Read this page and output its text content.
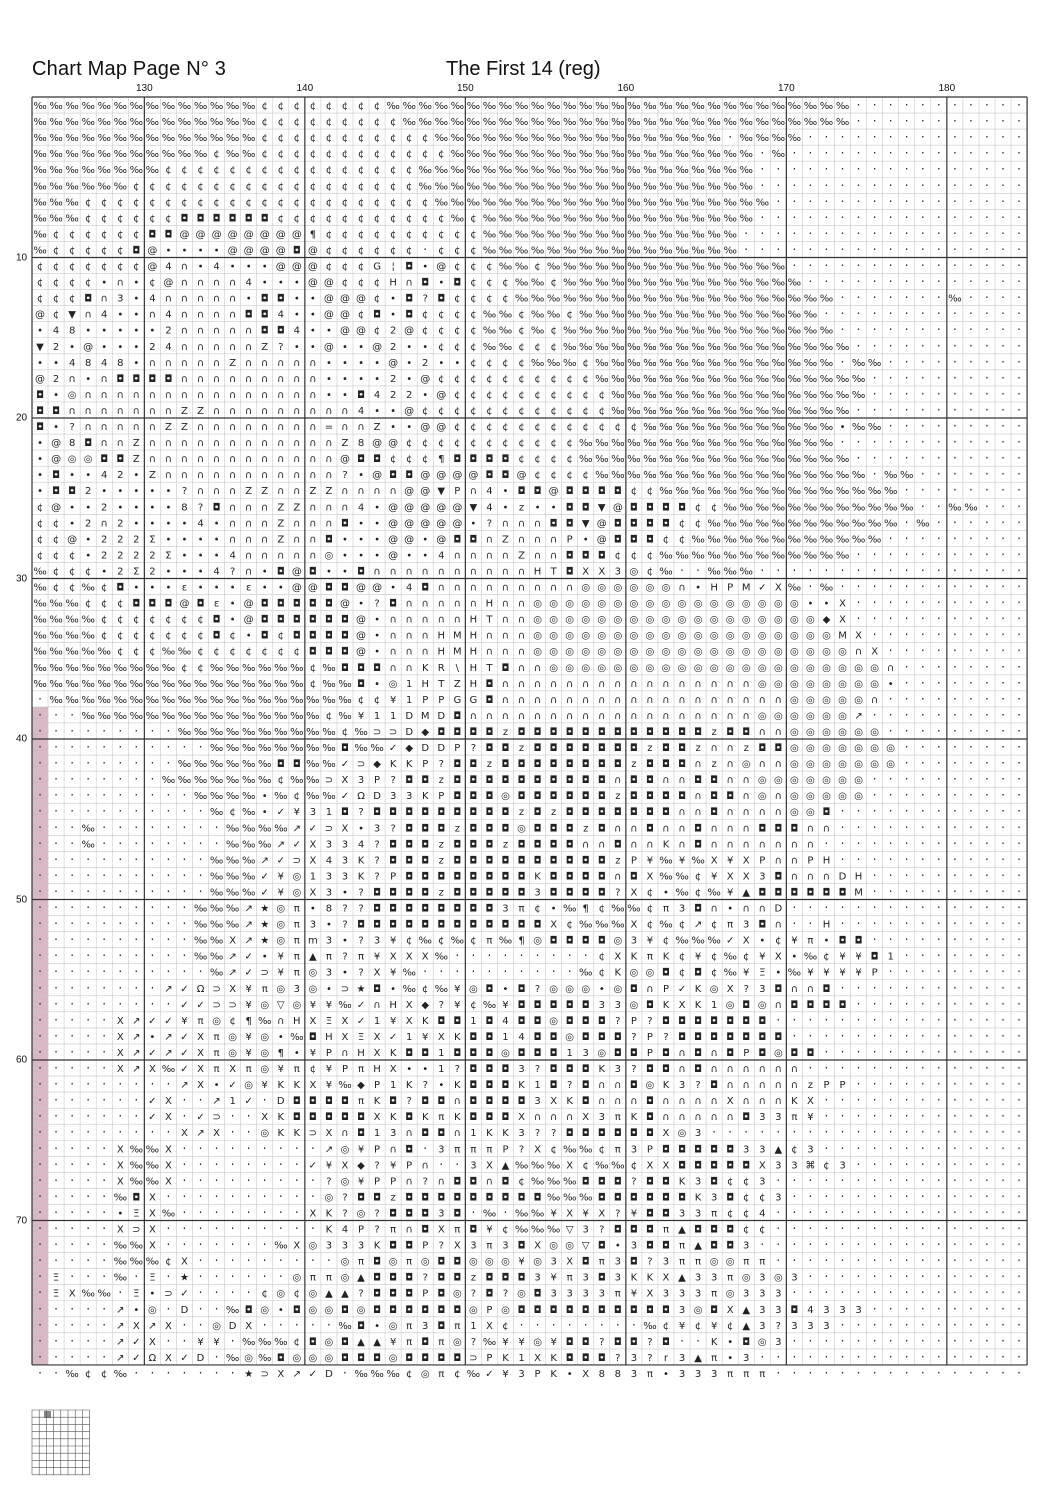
Chart Map Page N° 3	The First 14 (reg)
130	140	150	160	170	180
10
20
30
40
50
60
70
‰ ‰ ‰ ‰ ‰ ‰ ‰ ‰ ‰ ‰ ‰ ‰ ‰ ‰ ¢ ¢ ¢ ¢ ¢ ¢ ¢ ¢ ‰ ‰ ‰ ‰ ‰ ‰ ‰ ‰ ‰ ‰ ‰ ‰ ‰ ‰ ‰ ‰ ‰ ‰ ‰ ‰ ‰ ‰ ‰ ‰ ‰ ‰ ‰ ‰ ‰ · · · · · · · · · · ·
‰ ‰ ‰ ‰ ‰ ‰ ‰ ‰ ‰ ‰ ‰ ‰ ‰ ‰ ¢ ¢ ¢ ¢ ¢ ¢ ¢ ¢ ¢ ‰ ‰ ‰ ‰ ‰ ‰ ‰ ‰ ‰ ‰ ‰ ‰ ‰ ‰ ‰ ‰ ‰ ‰ ‰ ‰ ‰ ‰ ‰ ‰ ‰ ‰ ‰ ‰ · · · · · · · · · · ·
‰ ‰ ‰ ‰ ‰ ‰ ‰ ‰ ‰ ‰ ‰ ‰ ‰ ‰ ¢ ¢ ¢ ¢ ¢ ¢ ¢ ¢ ¢ ¢ ¢ ‰ ‰ ‰ ‰ ‰ ‰ ‰ ‰ ‰ ‰ ‰ ‰ ‰ ‰ ‰ ‰ ‰ ‰ · ‰ ‰ ‰ ‰ · · · · · · · · · · · · · ·
‰ ‰ ‰ ‰ ‰ ‰ ‰ ‰ ‰ ‰ ‰ ¢ ‰ ‰ ¢ ¢ ¢ ¢ ¢ ¢ ¢ ¢ ¢ ¢ ¢ ¢ ‰ ‰ ‰ ‰ ‰ ‰ ‰ ‰ ‰ ‰ ‰ ‰ ‰ ‰ ‰ ‰ ‰ ‰ ‰ · ‰ · · · · · · · · · · · · · · ·
‰ ‰ ‰ ‰ ‰ ‰ ‰ ‰ ¢ ¢ ¢ ¢ ¢ ¢ ¢ ¢ ¢ ¢ ¢ ¢ ¢ ¢ ¢ ¢ ‰ ‰ ‰ ‰ ‰ ‰ ‰ ‰ ‰ ‰ ‰ ‰ ‰ ‰ ‰ ‰ ‰ ‰ ‰ ‰ ‰ · · · · · · · · · · · · · · · · ·
‰ ‰ ‰ ‰ ‰ ‰ ¢ ¢ ¢ ¢ ¢ ¢ ¢ ¢ ¢ ¢ ¢ ¢ ¢ ¢ ¢ ¢ ¢ ¢ ‰ ‰ ‰ ‰ ‰ ‰ ‰ ‰ ‰ ‰ ‰ ‰ ‰ ‰ ‰ ‰ ‰ ‰ ‰ ‰ ‰ · · · · · · · · · · · · · · · · ·
‰ ‰ ‰ ¢ ¢ ¢ ¢ ¢ ¢ ¢ ¢ ¢ ¢ ¢ ¢ ¢ ¢ ¢ ¢ ¢ ¢ ¢ ¢ ¢ ¢ ‰ ‰ ‰ ‰ ‰ ‰ ‰ ‰ ‰ ‰ ‰ ‰ ‰ ‰ ‰ ‰ ‰ ‰ ‰ ‰ ‰ · · · · · · · · · · · · · · · ·
‰ ‰ ‰ ¢ ¢ ¢ ¢ ¢ ¢ ◘ ◘ ◘ ◘ ◘ ◘ ¢ ¢ ¢ ¢ ¢ ¢ ¢ ¢ ¢ ¢ ¢ ‰ ¢ ‰ ‰ ‰ ‰ ‰ ‰ ‰ ‰ ‰ ‰ ‰ ‰ ‰ ‰ ‰ ‰ ‰ · · · · · · · · · · · · · · · · ·
‰ ¢ ¢ ¢ ¢ ¢ ¢ ◘ ◘ @ @ @ @ @ @ @ @ ¶ ¢ ¢ ¢ ¢ ¢ ¢ ¢ ¢ ¢ ¢ ‰ ‰ ‰ ‰ ‰ ‰ ‰ ‰ ‰ ‰ ‰ ‰ ‰ ‰ ‰ ‰ · · · · · · · · · · · · · · · · · ·
‰ ¢ ¢ ¢ ¢ ¢ ◘ @ • • • • @ @ @ @ ◘ @ ¢ ¢ ¢ ¢ ¢ ¢ · ¢ ¢ ¢ ‰ ‰ ‰ ‰ ‰ ‰ ‰ ‰ ‰ ‰ ‰ ‰ ‰ ‰ ‰ ‰ · · · · · · · · · · · · · · · · · ·
¢ ¢ ¢ ¢ ¢ ¢ ¢ @ 4 ∩ • 4 • • • @ @ @ ¢ ¢ ¢ G ¦ ◘ • @ ¢ ¢ ¢ ‰ ‰ ¢ ‰ ‰ ‰ ‰ ‰ ‰ ‰ ‰ ‰ ‰ ‰ ‰ ‰ ‰ ‰ · · · · · · · · · · · · · · ·
¢ ¢ ¢ ¢ • ∩ • ¢ @ ∩ ∩ ∩ ∩ 4 • • • @ @ ¢ ¢ ¢ H ∩ ◘ • ◘ ¢ ¢ ¢ ‰ ‰ ¢ ‰ ‰ ‰ ‰ ‰ ‰ ‰ ‰ ‰ ‰ ‰ ‰ ‰ ‰ ‰ · · · · · · · · · · · · · ·
¢ ¢ ¢ ◘ ∩ 3 • 4 ∩ ∩ ∩ ∩ ∩ • ◘ ◘ • • @ @ @ ¢ • ◘ ? ◘ ¢ ¢ ¢ ¢ ‰ ‰ ‰ ‰ ‰ ‰ ‰ ‰ ‰ ‰ ‰ ‰ ‰ ‰ ‰ ‰ ‰ ‰ ‰ ‰ · · · · · · · ‰ · · · ·
@ ¢ ▼ ∩ 4 • • ∩ 4 ∩ ∩ ∩ ∩ ◘ ◘ 4 • • @ @ ¢ ◘ • ◘ ¢ ¢ ¢ ¢ ‰ ‰ ¢ ‰ ‰ ¢ ‰ ‰ ‰ ‰ ‰ ‰ ‰ ‰ ‰ ‰ ‰ ‰ ‰ ‰ ‰ · · · · · · · · · · · · ·
• 4 8 • • • • • 2 ∩ ∩ ∩ ∩ ∩ ◘ ◘ 4 • • @ @ ¢ 2 @ ¢ ¢ ¢ ¢ ‰ ‰ ¢ ‰ ¢ ‰ ‰ ‰ ‰ ‰ ‰ ‰ ‰ ‰ ‰ ‰ ‰ ‰ ‰ ‰ ‰ ‰ · · · · · · · · · · · ·
▼ 2 • @ • • • 2 4 ∩ ∩ ∩ ∩ ∩ Z ? • • @ • • @ 2 • • ¢ ¢ ¢ ‰ ‰ ¢ ¢ ¢ ‰ ‰ ‰ ‰ ‰ ‰ ‰ ‰ ‰ ‰ ‰ ‰ ‰ ‰ ‰ ‰ ‰ ‰ · · · · · · · · · · ·
• • 4 8 4 8 • ∩ ∩ ∩ ∩ ∩ Z ∩ ∩ ∩ ∩ ∩ • • • • @ • 2 • • ¢ ¢ ¢ ¢ ‰ ‰ ‰ ¢ ‰ ‰ ‰ ‰ ‰ ‰ ‰ ‰ ‰ ‰ ‰ ‰ ‰ ‰ ‰ · ‰ ‰ · · · · · · · · ·
@ 2 ∩ • ∩ ◘ ◘ ◘ ◘ ∩ ∩ ∩ ∩ ∩ ∩ ∩ ∩ ∩ • • • • 2 • @ ¢ ¢ ¢ ¢ ¢ ¢ ¢ ¢ ¢ ¢ ‰ ‰ ‰ ‰ ‰ ‰ ‰ ‰ ‰ ‰ ‰ ‰ ‰ ‰ ‰ ‰ ‰ · · · · · · · · · ·
◘ • ◎ ∩ ∩ ∩ ∩ ∩ ∩ ∩ ∩ ∩ ∩ ∩ ∩ ∩ ∩ ∩ • • ◘ 4 2 2 • @ ¢ ¢ ¢ ¢ ¢ ¢ ¢ ¢ ¢ ¢ ‰ ‰ ‰ ‰ ‰ ‰ ‰ ‰ ‰ ‰ ‰ ‰ ‰ ‰ ‰ ‰ · · · · · · · · · ·
◘ ◘ ∩ ∩ ∩ ∩ ∩ ∩ ∩ Z Z ∩ ∩ ∩ ∩ ∩ ∩ ∩ ∩ ∩ 4 • • @ ¢ ¢ ¢ ¢ ¢ ¢ ¢ ¢ ¢ ¢ ¢ ¢ ‰ ‰ ‰ ‰ ‰ ‰ ‰ ‰ ‰ ‰ ‰ ‰ ‰ ‰ ‰ · · · · · · · · · · ·
◘ • ? ∩ ∩ ∩ ∩ ∩ Z Z ∩ ∩ ∩ ∩ ∩ ∩ ∩ ∩ = ∩ ∩ Z • • @ @ ¢ ¢ ¢ ¢ ¢ ¢ ¢ ¢ ¢ ¢ ¢ ¢ ‰ ‰ ‰ ‰ ‰ ‰ ‰ ‰ ‰ ‰ ‰ ‰ • ‰ ‰ · · · · · · · · ·
• @ 8 ◘ ∩ ∩ Z ∩ ∩ ∩ ∩ ∩ ∩ ∩ ∩ ∩ ∩ ∩ ∩ Z 8 @ @ ¢ ¢ ¢ ¢ ¢ ¢ ¢ ¢ ¢ ¢ ¢ ‰ ‰ ‰ ‰ ‰ ‰ ‰ ‰ ‰ ‰ ‰ ‰ ‰ ‰ ‰ ‰ · · · · · · · · · · · ·
• @ ◎ ◎ ◘ ◘ Z ∩ ∩ ∩ ∩ ∩ ∩ ∩ ∩ ∩ ∩ ∩ ∩ @ ◘ ◘ ¢ ¢ ¢ ¶ ◘ ◘ ◘ ◘ ¢ ¢ ¢ ¢ ‰ ‰ ‰ ‰ ‰ ‰ ‰ ‰ ‰ ‰ ‰ ‰ ‰ ‰ ‰ ‰ ‰ · · · · · · · · · · ·
• ◘ • • 4 2 • Z ∩ ∩ ∩ ∩ ∩ ∩ ∩ ∩ ∩ ∩ ∩ ? • @ ◘ ◘ @ @ @ @ ◘ ◘ @ ¢ ¢ ¢ ¢ ‰ ‰ ‰ ‰ ‰ ‰ ‰ ‰ ‰ ‰ ‰ ‰ ‰ ‰ ‰ ‰ ‰ · ‰ ‰ · · · · · · ·
• ◘ ◘ 2 • • • • • ? ∩ ∩ ∩ Z Z ∩ ∩ Z Z ∩ ∩ ∩ ∩ @ @ ▼ P ∩ 4 • ◘ ◘ @ ◘ ◘ ◘ ◘ ¢ ¢ ‰ ‰ ‰ ‰ ‰ ‰ ‰ ‰ ‰ ‰ ‰ ‰ ‰ ‰ ‰ · · · · · · · ·
¢ @ • • 2 • • • • 8 ? ◘ ∩ ∩ ∩ Z Z ∩ ∩ ∩ 4 • @ @ @ @ @ ▼ 4 • z • • ◘ ◘ ▼ @ ◘ ◘ ◘ ◘ ¢ ¢ ‰ ‰ ‰ ‰ ‰ ‰ ‰ ‰ ‰ ‰ ‰ ‰ · · ‰ ‰ · · ·
¢ ¢ • 2 ∩ 2 • • • • 4 • ∩ ∩ ∩ Z ∩ ∩ ∩ ◘ • • @ @ @ @ @ • ? ∩ ∩ ∩ ◘ ◘ ▼ @ ◘ ◘ ◘ ◘ ¢ ¢ ‰ ‰ ‰ ‰ ‰ ‰ ‰ ‰ ‰ ‰ ‰ ‰ · ‰ · · · · · ·
¢ ¢ @ • 2 2 2 Σ • • • • ∩ ∩ ∩ Z ∩ ∩ ◘ • • • @ @ • @ ◘ ◘ ∩ Z ∩ ∩ ∩ P • @ ◘ ◘ ◘ ¢ ¢ ‰ ‰ ‰ ‰ ‰ ‰ ‰ ‰ ‰ ‰ ‰ ‰ · · · · · · · · ·
¢ ¢ ¢ • 2 2 2 2 Σ • • • 4 ∩ ∩ ∩ ∩ ∩ ◎ • • • @ • • 4 ∩ ∩ ∩ ∩ Z ∩ ∩ ◘ ◘ ◘ ¢ ¢ ¢ ‰ ‰ ‰ ‰ ‰ ‰ ‰ ‰ ‰ ‰ ‰ ‰ · · · · · · · · · · ·
‰ ¢ ¢ ¢ • 2 Σ 2 • • • 4 ? ∩ • ◘ @ ◘ • • ◘ ∩ ∩ ∩ ∩ ∩ ∩ ∩ ∩ ∩ ∩ H T ◘ X X 3 ◎ ¢ ‰ · · ‰ ‰ ‰ · · · · · · · · · · · · · · · · ·
‰ ¢ ¢ ‰ ¢ ◘ • • • ε • • • ε • • @ @ ◘ ◘ @ @ • 4 ◘ ∩ ∩ ∩ ∩ ∩ ∩ ∩ ∩ ∩ ◎ ◎ ◎ ◎ ◎ ◎ ∩ • H P M ✓ X ‰ · ‰ · · · · · · · · · · · ·
‰ ‰ ‰ ¢ ¢ ¢ ◘ ◘ ◘ @ ◘ ε • @ ◘ ◘ ◘ ◘ ◘ @ • ? ◘ ∩ ∩ ∩ ∩ ∩ H ∩ ∩ ◎ ◎ ◎ ◎ ◎ ◎ ◎ ◎ ◎ ◎ ◎ ◎ ◎ ◎ ◎ ◎ ◎ • • X · · · · · · · · · · ·
‰ ‰ ‰ ‰ ¢ ¢ ¢ ¢ ¢ ¢ ¢ ◘ • @ ◘ ◘ ◘ ◘ ◘ ◘ @ • ∩ ∩ ∩ ∩ ∩ H T ∩ ∩ ◎ ◎ ◎ ◎ ◎ ◎ ◎ ◎ ◎ ◎ ◎ ◎ ◎ ◎ ◎ ◎ ◎ ◎ ◆ X · · · · · · · · · · ·
‰ ‰ ‰ ‰ ¢ ¢ ¢ ¢ ¢ ¢ ¢ ◘ ¢ • ◘ ¢ ◘ ◘ ◘ ◘ @ • ∩ ∩ ∩ H M H ∩ ∩ ∩ ◎ ◎ ◎ ◎ ◎ ◎ ◎ ◎ ◎ ◎ ◎ ◎ ◎ ◎ ◎ ◎ ◎ ◎ ◎ M X · · · · · · · · · ·
‰ ‰ ‰ ‰ ‰ ¢ ¢ ¢ ‰ ‰ ¢ ¢ ¢ ¢ ¢ ¢ ¢ ◘ ◘ ◘ @ • ∩ ∩ ∩ H M H ∩ ∩ ∩ ◎ ◎ ◎ ◎ ◎ ◎ ◎ ◎ ◎ ◎ ◎ ◎ ◎ ◎ ◎ ◎ ◎ ◎ ◎ ◎ ∩ X · · · · · · · · ·
‰ ‰ ‰ ‰ ‰ ‰ ‰ ‰ ‰ ¢ ¢ ‰ ‰ ‰ ‰ ‰ ‰ ¢ ‰ ◘ ◘ ◘ ∩ ∩ K R \ H T ◘ ∩ ∩ ◎ ◎ ◎ ◎ ◎ ◎ ◎ ◎ ◎ ◎ ◎ ◎ ◎ ◎ ◎ ◎ ◎ ◎ ◎ ◎ ◎ ∩ · · · · · · · ·
‰ ‰ ‰ ‰ ‰ ‰ ‰ ‰ ‰ ‰ ‰ ‰ ‰ ‰ ‰ ‰ ‰ ¢ ‰ ‰ ◘ • ◎ 1 H T Z H ◘ ∩ ∩ ∩ ∩ ∩ ∩ ∩ ∩ ∩ ∩ ∩ ∩ ∩ ∩ ∩ ∩ ◎ ◎ ◎ ◎ ◎ ◎ ◎ ◎ • · · · · · · · ·
· ‰ ‰ ‰ ‰ ‰ ‰ ‰ ‰ ‰ ‰ ‰ ‰ ‰ ‰ ‰ ‰ ‰ ‰ ‰ ¢ ¢ ¥ 1 P P G G ◘ ∩ ∩ ∩ ∩ ∩ ∩ ∩ ∩ ∩ ∩ ∩ ∩ ∩ ∩ ∩ ∩ ∩ ∩ ◎ ◎ ◎ ◎ ◎ ∩ · · · · · · · · ·
· · · ‰ ‰ ‰ ‰ ‰ ‰ ‰ ‰ ‰ ‰ ‰ ‰ ‰ ‰ ‰ ¢ ‰ ¥ 1 1 D M D ◘ ∩ ∩ ∩ ∩ ∩ ∩ ∩ ∩ ∩ ∩ ∩ ∩ ∩ ∩ ∩ ∩ ∩ ∩ ◎ ◎ ◎ ◎ ◎ ◎ ↗ · · · · · · · · · ·
· · · · · · · · · ‰ ‰ ‰ ‰ ‰ ‰ ‰ ‰ ‰ ‰ ¢ ‰ ⊃ ⊃ D ◆ ◘ ◘ ◘ ◘ z ◘ ◘ ◘ ◘ ◘ ◘ ◘ ◘ ◘ ◘ ◘ ◘ z ◘ ◘ ∩ ∩ ◎ ◎ ◎ ◎ ◎ ◎ · · · · · · · · ·
· · · · · · · · · · · ‰ ‰ ‰ ‰ ‰ ‰ ‰ ‰ ◘ ‰ ‰ ✓ ◆ D D P ? ◘ ◘ z ◘ ◘ ◘ ◘ ◘ ◘ ◘ z ◘ ◘ z ∩ ∩ z ◘ ◘ ◎ ◎ ◎ ◎ ◎ ◎ ◎ · · · · · · · ·
· · · · · · · · · ‰ ‰ ‰ ‰ ‰ ‰ ◘ ◘ ‰ ‰ ✓ ⊃ ◆ K K P ? ◘ ◘ z ◘ ◘ ◘ ◘ ◘ ◘ ◘ ◘ z ◘ ◘ ◘ ∩ z ∩ ◎ ∩ ∩ ◎ ◎ ◎ ◎ ◎ ◎ ◎ · · · · · · · ·
· · · · · · · · ‰ ‰ ‰ ‰ ‰ ‰ ‰ ¢ ‰ ‰ ⊃ X 3 P ? ◘ ◘ z ◘ ◘ ◘ ◘ ◘ ◘ ◘ ◘ ◘ ◘ ∩ ◘ ◘ ∩ ∩ ◘ ◘ ∩ ∩ ◎ ◎ ◎ ◎ ◎ ◎ ◎ · · · · · · · · · ·
· · · · · · · · · · ‰ ‰ ‰ ‰ • ‰ ¢ ‰ ‰ ✓ Ω D 3 3 K P ◘ ◘ ◘ ◎ ◘ ◘ ◘ ◘ ◘ ◘ z ◘ ◘ ◘ ◘ ∩ ◘ ◘ ∩ ◎ ∩ ◎ ◎ ◎ ◎ ◎ · · · · · · · · · ·
· · · · · · · · · · · ‰ ¢ ‰ • ✓ ¥ 3 1 ◘ ? ◘ ◘ ◘ ◘ ◘ ◘ ◘ ◘ ◘ z ◘ z ◘ ◘ ◘ ◘ ◘ ◘ ◘ ∩ ∩ ◘ ∩ ∩ ∩ ∩ ◎ ◎ ◘ · · · · · · · · · · · ·
· · · ‰ · · · · · · · · ‰ ‰ ‰ ‰ ↗ ✓ ⊃ X • 3 ? ◘ ◘ ◘ z ◘ ◘ ◘ ◎ ◘ ◘ ◘ z ◘ ∩ ∩ ◘ ∩ ∩ ◘ ∩ ∩ ∩ ◘ ◘ ◘ ∩ ∩ · · · · · · · · · · · ·
· · · ‰ · · · · · · · · ‰ ‰ ‰ ↗ ✓ X 3 3 4 ? ◘ ◘ ◘ z ◘ ◘ ◘ z ◘ ◘ ◘ ◘ ∩ ∩ ◘ ∩ ∩ K ∩ ◘ ∩ ∩ ∩ ∩ ∩ ∩ ∩ · · · · · · · · · · · · ·
· · · · · · · · · · · ‰ ‰ ‰ ↗ ✓ ⊃ X 4 3 K ? ◘ ◘ ◘ z ◘ ◘ ◘ ◘ ◘ ◘ ◘ ◘ ◘ ◘ z P ¥ ‰ ¥ ‰ X ¥ X P ∩ ∩ P H · · · · · · · · · · · ·
· · · · · · · · · · · ‰ ‰ ‰ ✓ ¥ ◎ 1 3 3 K ? P ◘ ◘ ◘ ◘ ◘ ◘ ◘ ◘ K ◘ ◘ ◘ ◘ ∩ ◘ X ‰ ‰ ¢ ¥ X X 3 ◘ ∩ ∩ ∩ D H · · · · · · · · · ·
· · · · · · · · · · · ‰ ‰ ‰ ✓ ¥ ◎ X 3 • ? ◘ ◘ ◘ ◘ z ◘ ◘ ◘ ◘ ◘ 3 ◘ ◘ ◘ ◘ ? X ¢ • ‰ ¢ ‰ ¥ ▲ ◘ ◘ ◘ ◘ ◘ ◘ M · · · · · · · · · ·
· · · · · · · · · · ‰ ‰ ‰ ↗ ★ ◎ π • 8 ? ? ◘ ◘ ◘ ◘ ◘ ◘ ◘ ◘ 3 π ¢ • ‰ ¶ ¢ ‰ ‰ ¢ π 3 ◘ ∩ • ∩ ∩ D · · · · · · · · · · · · · · ·
· · · · · · · · · · ‰ ‰ ‰ ↗ ★ ◎ π 3 • ? ◘ ◘ ◘ ◘ ◘ ◘ ◘ ◘ ◘ ◘ ◘ ◘ X ¢ ‰ ‰ ‰ X ¢ ‰ ¢ ↗ ¢ π 3 ◘ ∩ · · H · · · · · · · · · · · ·
· · · · · · · · · · ‰ ‰ X ↗ ★ ◎ π m 3 • ? 3 ¥ ¢ ‰ ¢ ‰ ¢ π ‰ ¶ ◎ ◘ ◘ ◘ ◘ ◎ 3 ¥ ¢ ‰ ‰ ‰ ✓ X • ¢ ¥ π • ◘ ◘ · · · · · · · · · ·
· · · · · · · · · · ‰ ‰ ↗ ✓ • ¥ π ▲ π ? π ¥ X X X ‰ · · · · · · · · · ¢ X K π K ¢ ¥ ¢ ‰ ¢ ¥ X • ‰ ¢ ¥ ¥ ◘ 1 · · · · · · · ·
· · · · · · · · · · · ‰ ↗ ✓ ⊃ ¥ π ◎ 3 • ? X ¥ ‰ · · · · · · · · · · ‰ ¢ K ◎ ◎ ◘ ¢ ◘ ¢ ‰ ¥ Ξ • ‰ ¥ ¥ ¥ ¥ P · · · · · · · · ·
· · · · · · · · ↗ ✓ Ω ⊃ X ¥ π ◎ 3 ◎ • ⊃ ★ ◘ • ‰ ¢ ‰ ¥ ◎ ◘ • ◘ ? ◎ ◎ ◎ • ◎ ◘ ∩ P ✓ K ◎ X ? 3 ◘ ∩ ∩ ◘ · · · · · · · · · · · ·
· · · · · · · · · ✓ ✓ ⊃ ⊃ ¥ ◎ ▽ ◎ ¥ ¥ ‰ ✓ ∩ H X ◆ ? ¥ ¢ ‰ ¥ ◘ ◘ ◘ ◘ ◘ 3 3 ◎ ◘ K X K 1 ◎ ◘ ◎ ∩ ◘ ◘ ◘ ◘ · · · · · · · · · · ·
· · · · · X ↗ ✓ ✓ ¥ π ◎ ¢ ¶ ‰ ∩ H X Ξ X ✓ 1 ¥ X K ◘ ◘ 1 ◘ 4 ◘ ◘ ◎ ◘ ◘ ◘ ? P ? ◘ ◘ ◘ ◘ ◘ ◘ ◘ · · · · · · · · · · · · · · · ·
· · · · · X ↗ • ↗ ✓ X π ◎ ¥ ◎ • ‰ ◘ H X Ξ X ✓ 1 ¥ X K ◘ ◘ 1 4 ◘ ◘ ◎ ◘ ◘ ◘ ? P ? ◘ ◘ ◘ ◘ ◘ ◘ ◘ · · · · · · · · · · · · · · ·
· · · · · X ↗ ✓ ↗ ✓ X π ◎ ¥ ◎ ¶ • ¥ P ∩ H X K ◘ ◘ 1 ◘ ◘ ◘ ◎ ◘ ◘ ◘ 1 3 ◎ ◘ ◘ P ◘ ∩ ◘ ∩ ◘ P ◘ ◎ ◘ ◘ · · · · · · · · · · · · ·
· · · · · X ↗ X ‰ ✓ X π X π ◎ ¥ π ¢ ¥ P π H X • • 1 ? ◘ ◘ ◘ 3 ? ◘ ◘ ◘ K 3 ? ◘ ◘ ∩ ◘ ∩ ∩ ∩ ∩ ∩ ∩ · · · · · · · · · · · · · ·
· · · · · · · · · ↗ X • ✓ ◎ ¥ K K X ¥ ‰ ◆ P 1 K ? • K ◘ ◘ ◘ K 1 ◘ ? ◘ ∩ ∩ ◘ ◎ K 3 ? ◘ ∩ ∩ ∩ ∩ ∩ z P P · · · · · · · · · · ·
· · · · · · · ✓ X · · ↗ 1 ✓ · D ◘ ◘ ◘ ◘ π K ◘ ? ◘ ◘ ∩ ◘ ◘ ◘ ◘ 3 X K ◘ ∩ ∩ ∩ ◘ ∩ ∩ ∩ ∩ X ∩ ∩ ∩ K X · · · · · · · · · · · · ·
· · · · · · · ✓ X · ✓ ⊃ · · X K ◘ ◘ ◘ ◘ ◘ X K ◘ K π K ◘ ◘ ◘ X ∩ ∩ ∩ X 3 π K ◘ ∩ ∩ ∩ ∩ ∩ ◘ 3 3 π ¥ · · · · · · · · · · · · ·
· · · · · · · · · X ↗ X · · ◎ K K ⊃ X ∩ ◘ 1 3 ∩ ◘ ◘ ∩ 1 K K 3 ? ? ◘ ◘ ◘ ◘ ◘ ◘ X ◎ 3 · · · · · · · · · · · · · · · · · · · ·
· · · · · X ‰ ‰ X · · · · · · · · · ↗ ◎ ¥ P ∩ ◘ · 3 π π π P ? X ¢ ‰ ‰ ¢ π 3 P ◘ ◘ ◘ ◘ ◘ 3 3 ▲ ¢ 3 · · · · · · · · · · · · ·
· · · · · X ‰ ‰ X · · · · · · · · ✓ ¥ X ◆ ? ¥ P ∩ · · 3 X ▲ ‰ ‰ ‰ X ¢ ‰ ‰ ¢ X X ◘ ◘ ◘ ◘ ◘ X 3 3 ⌘ ¢ 3 · · · · · · · · · · ·
· · · · · X ‰ ‰ X · · · · · · · · · ? ◎ ¥ P P ∩ ? ∩ ◘ ◘ ∩ ◘ ¢ ‰ ‰ ‰ ◘ ◘ ◘ ? ◘ ◘ K 3 ◘ ¢ ¢ 3 · · · · · · · · · · · · · · · ·
· · · · · ‰ ◘ X · · · · · · · · · · ◎ ? ◘ ◘ z ◘ ◘ ◘ ◘ ◘ ◘ ◘ ◘ ◘ ‰ ‰ ‰ ◘ ◘ ◘ ◘ ◘ ◘ K 3 ◘ ¢ ¢ 3 · · · · · · · · · · · · · · ·
· · · · · • Ξ X ‰ · · · · · · · · X K ? ◎ ? ◘ ◘ ◘ 3 ◘ · ‰ · ‰ ‰ ¥ X ¥ X ? ¥ ◘ ◘ 3 3 π ¢ ¢ 4 · · · · · · · · · · · · · · · ·
· · · · · X ⊃ X · · · · · · · · · · K 4 P ? π ∩ ◘ X π ◘ ¥ ¢ ‰ ‰ ‰ ▽ 3 ? ◘ ◘ ◘ π ▲ ◘ ◘ ◘ ¢ ¢ · · · · · · · · · · · · · · · ·
· · · · · ‰ ‰ X · · · · · · · ‰ X ◎ 3 3 3 K ◘ ◘ P ? X 3 π 3 ◘ X ◎ ◎ ▽ ◘ • 3 ◘ ◘ π ▲ ◘ ◘ 3 · · · · · · · · · · · · · · · · ·
· · · · · ‰ ‰ ‰ ¢ X · · · · · · · · · ◎ π ◘ ◎ π ◎ ◘ ◘ ◎ ◎ ◎ ¥ ◎ 3 X ◘ π 3 ◘ ? 3 π π ◎ ◎ π π · · · · · · · · · · · · · · · ·
· Ξ · · · ‰ · Ξ · ★ · · · · · · ◎ π π ◎ ▲ ◘ ◘ ◘ ? ◘ ◘ z ◘ ◘ ◘ 3 ¥ π 3 ◘ 3 K K X ▲ 3 3 π ◎ 3 ◎ 3 · · · · · · · · · · · · · ·
· Ξ X ‰ ‰ · Ξ • ⊃ ✓ · · · · ¢ ◎ ¢ ◎ ▲ ▲ ? ◘ ◘ ◘ P ◘ ◎ ? ◘ ? ◎ ◘ 3 3 3 3 π ¥ X 3 3 3 π ◎ 3 3 3 · · · · · · · · · · · · · · ·
· · · · · ↗ • ◎ · D · · ‰ ◘ ◎ • ◘ ◎ ◎ ◘ ◎ ◘ ◘ ◘ ◘ ◘ ◘ ◎ P ◎ ◘ ◘ ◘ ◘ ◘ ◘ ◘ ◘ ◘ ◘ 3 ◎ ◘ X ▲ 3 3 ◘ 4 3 3 3 · · · · · · · · · ·
· · · · · ↗ X ↗ X · · ◎ D X · · · · · ‰ ◘ • ◎ π 3 ◘ π 1 X ¢ · · · · · · · · ‰ ¢ ¥ ¢ ¥ ¢ ▲ 3 ? 3 3 3 · · · · · · · · · · · ·
· · · · · ↗ ✓ X · · ¥ ¥ · ‰ ‰ ‰ ¢ ◘ ◎ ◘ ▲ ▲ ¥ π ◘ π ◎ ? ‰ ¥ ¥ ◎ ¥ ◘ ◘ ? ◘ ◘ ? ◘ · · K • ◘ ◎ 3 · · · · · · · · · · · · · · ·
· · · · · ↗ ✓ Ω X ✓ D · ‰ ◎ ‰ ◘ ◎ ◎ ◎ ◘ ◘ ◘ ◎ ◘ ◘ ◘ ◘ ⊃ P K 1 X K ◘ ◘ ◘ ? 3 ? r 3 ▲ π • 3 · · · · · · · · · · · · · · · · ·
· · ‰ ¢ ¢ ‰ · · · · · · · ★ ⊃ X ↗ ✓ D · ‰ ‰ ‰ ¢ ◎ π ¢ ‰ ✓ ¥ 3 P K • X 8 8 3 π • 3 3 3 π π π · · · · · · · · · · · · · · · ·
